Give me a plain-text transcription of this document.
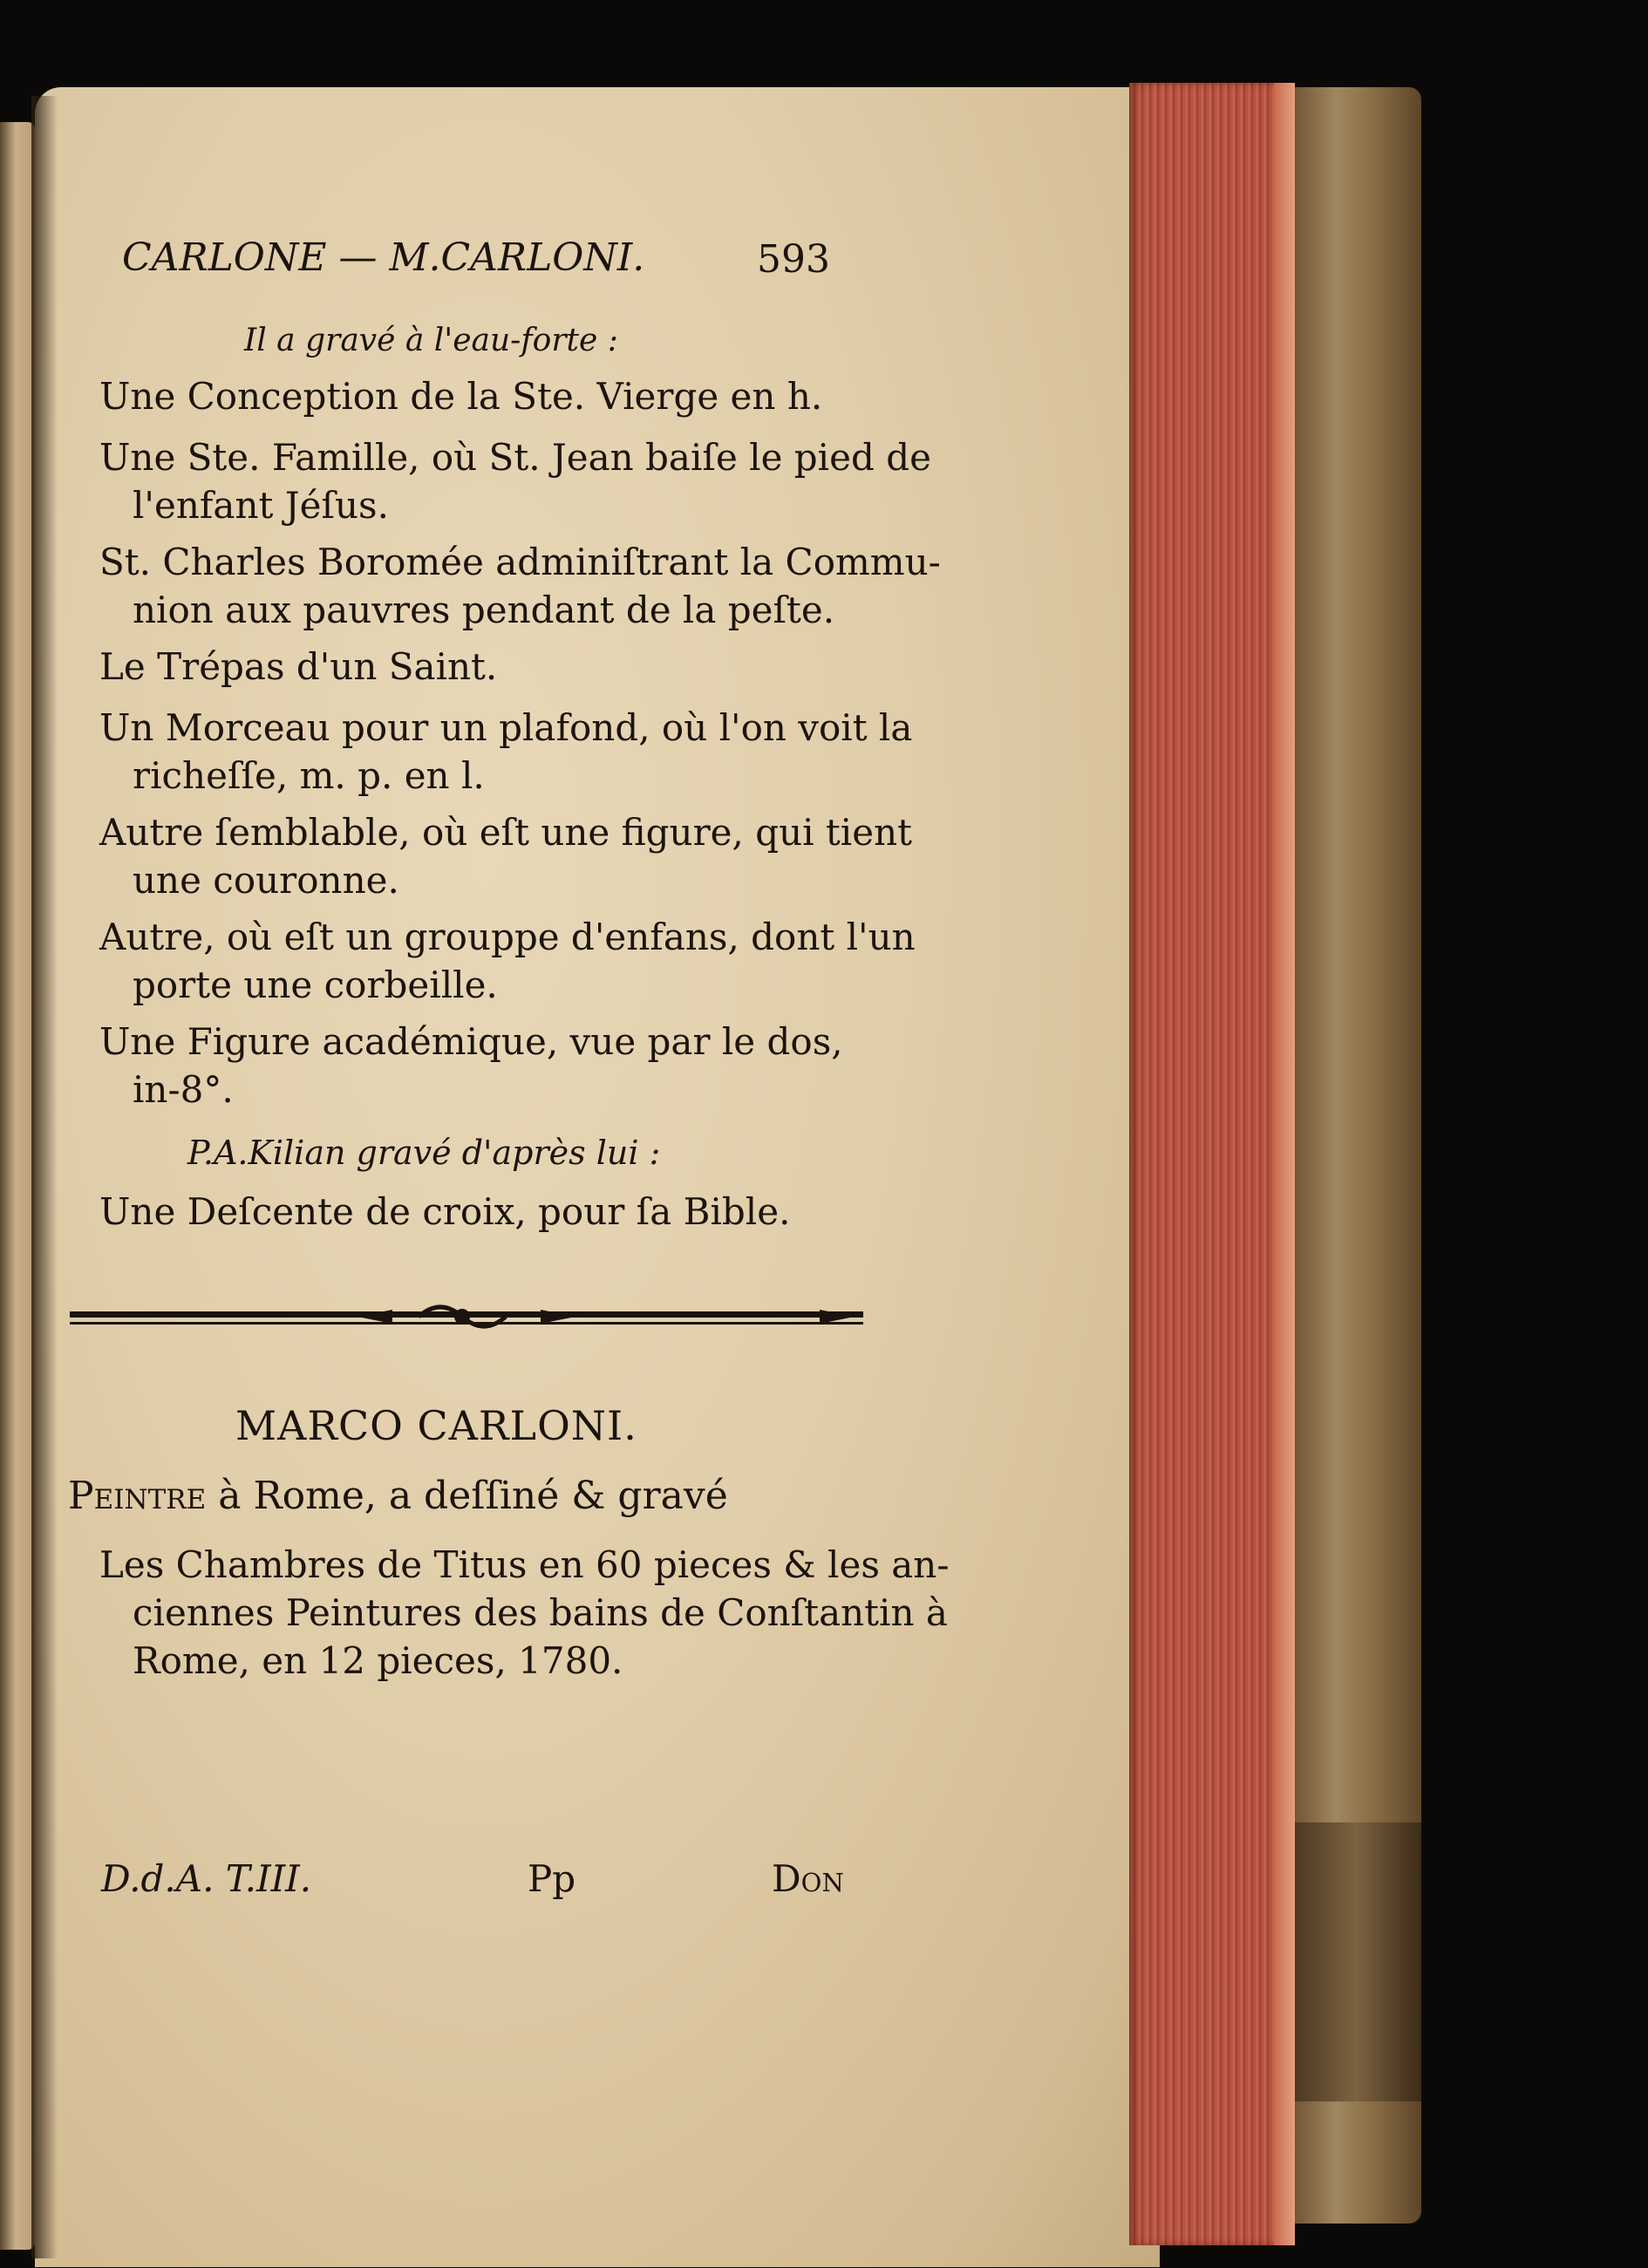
CARLONE — M.CARLONI.	593
Il a gravé à l'eau-forte :
Une Conception de la Ste. Vierge en h.
Une Ste. Famille, où St. Jean baiſe le pied de
l'enfant Jéſus.
St. Charles Boromée adminiſtrant la Commu-
nion aux pauvres pendant de la peſte.
Le Trépas d'un Saint.
Un Morceau pour un plafond, où l'on voit la
richeſſe, m. p. en l.
Autre ſemblable, où eſt une figure, qui tient
une couronne.
Autre, où eſt un grouppe d'enfans, dont l'un
porte une corbeille.
Une Figure académique, vue par le dos,
in-8°.
P.A.Kilian gravé d'après lui :
Une Deſcente de croix, pour ſa Bible.
MARCO CARLONI.
Peintre à Rome, a deſſiné & gravé
Les Chambres de Titus en 60 pieces & les an-
ciennes Peintures des bains de Conſtantin à
Rome, en 12 pieces, 1780.
D.d.A. T.III.	Pp	Don
